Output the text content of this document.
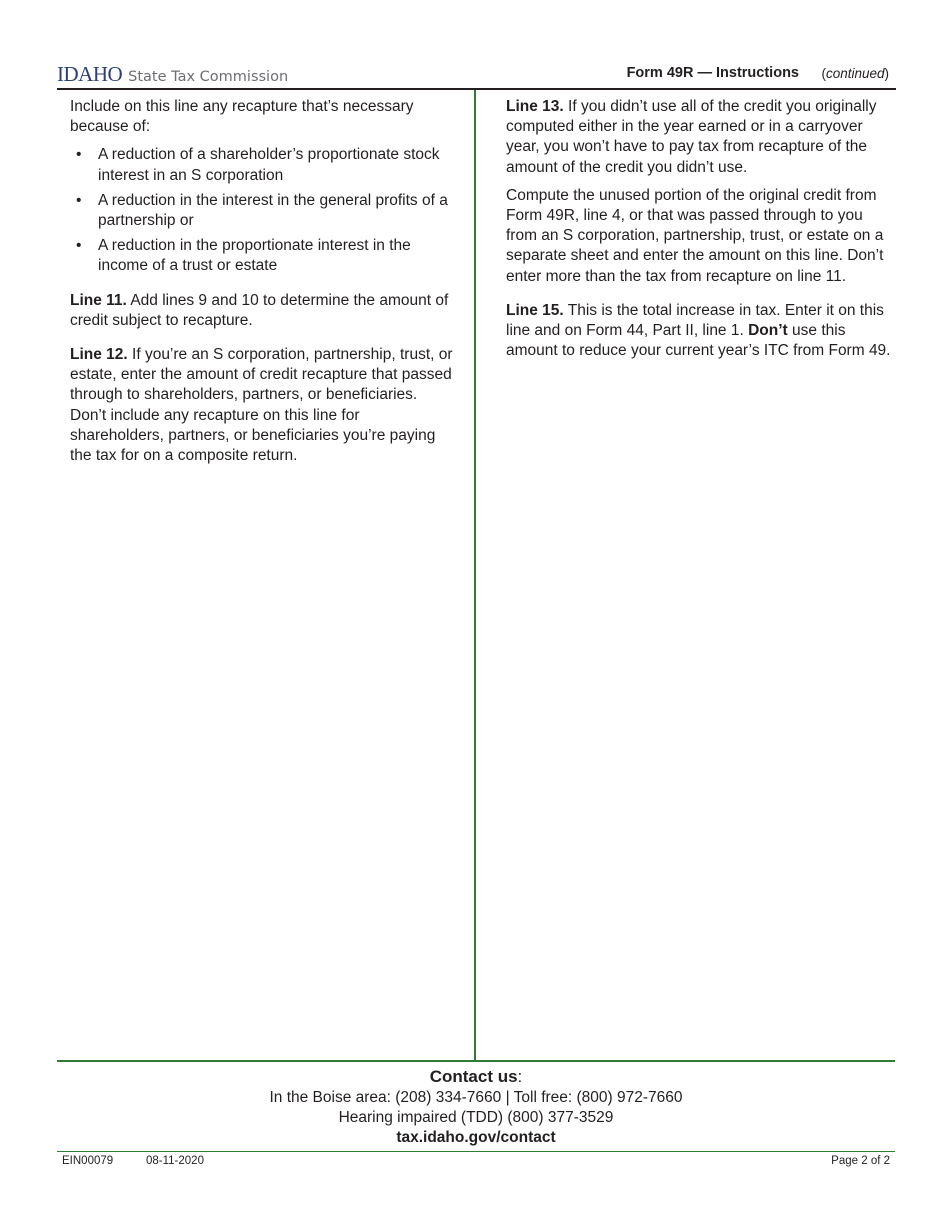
IDAHO State Tax Commission	Form 49R — Instructions (continued)

Include on this line any recapture that’s necessary because of:

• A reduction of a shareholder’s proportionate stock interest in an S corporation
• A reduction in the interest in the general profits of a partnership or
• A reduction in the proportionate interest in the income of a trust or estate

Line 11. Add lines 9 and 10 to determine the amount of credit subject to recapture.

Line 12. If you’re an S corporation, partnership, trust, or estate, enter the amount of credit recapture that passed through to shareholders, partners, or beneficiaries. Don’t include any recapture on this line for shareholders, partners, or beneficiaries you’re paying the tax for on a composite return.

Line 13. If you didn’t use all of the credit you originally computed either in the year earned or in a carryover year, you won’t have to pay tax from recapture of the amount of the credit you didn’t use.

Compute the unused portion of the original credit from Form 49R, line 4, or that was passed through to you from an S corporation, partnership, trust, or estate on a separate sheet and enter the amount on this line. Don’t enter more than the tax from recapture on line 11.

Line 15. This is the total increase in tax. Enter it on this line and on Form 44, Part II, line 1. Don’t use this amount to reduce your current year’s ITC from Form 49.

Contact us:
In the Boise area: (208) 334-7660 | Toll free: (800) 972-7660
Hearing impaired (TDD) (800) 377-3529
tax.idaho.gov/contact
EIN00079	08-11-2020	Page 2 of 2
